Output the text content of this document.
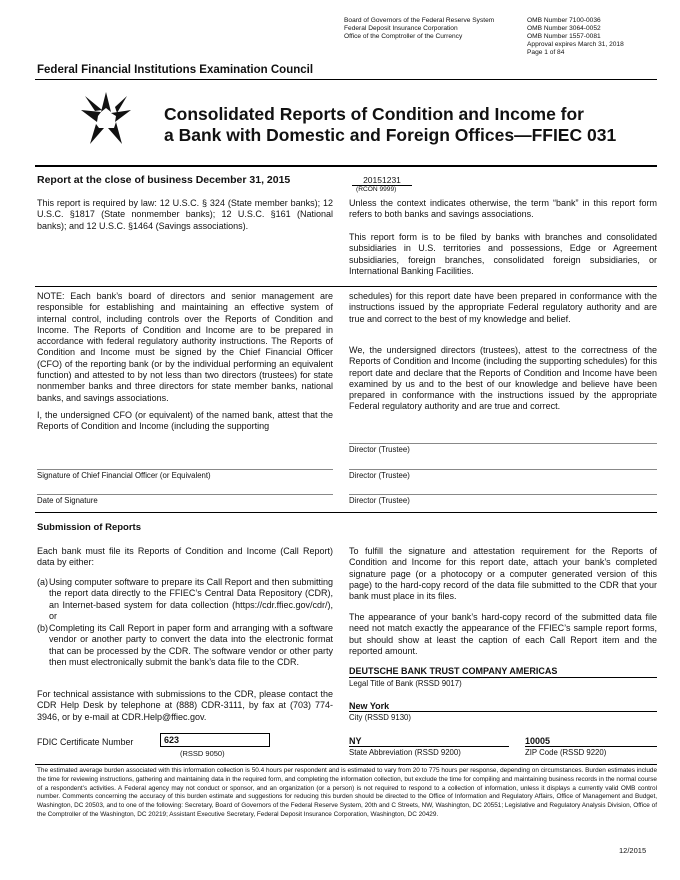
Board of Governors of the Federal Reserve System
Federal Deposit Insurance Corporation
Office of the Comptroller of the Currency
OMB Number 7100-0036
OMB Number 3064-0052
OMB Number 1557-0081
Approval expires March 31, 2018
Page 1 of 84
Federal Financial Institutions Examination Council
Consolidated Reports of Condition and Income for
a Bank with Domestic and Foreign Offices—FFIEC 031
Report at the close of business December 31, 2015	20151231
(RCON 9999)
This report is required by law: 12 U.S.C. § 324 (State member banks); 12 U.S.C. §1817 (State nonmember banks); 12 U.S.C. §161 (National banks); and 12 U.S.C. §1464 (Savings associations).
Unless the context indicates otherwise, the term “bank” in this report form refers to both banks and savings associations.
This report form is to be filed by banks with branches and consolidated subsidiaries in U.S. territories and possessions, Edge or Agreement subsidiaries, foreign branches, consolidated foreign subsidiaries, or International Banking Facilities.
NOTE: Each bank’s board of directors and senior management are responsible for establishing and maintaining an effective system of internal control, including controls over the Reports of Condition and Income. The Reports of Condition and Income are to be prepared in accordance with federal regulatory authority instructions. The Reports of Condition and Income must be signed by the Chief Financial Officer (CFO) of the reporting bank (or by the individual performing an equivalent function) and attested to by not less than two directors (trustees) for state nonmember banks and three directors for state member banks, national banks, and savings associations.
I, the undersigned CFO (or equivalent) of the named bank, attest that the Reports of Condition and Income (including the supporting
schedules) for this report date have been prepared in conformance with the instructions issued by the appropriate Federal regulatory authority and are true and correct to the best of my knowledge and belief.
We, the undersigned directors (trustees), attest to the correctness of the Reports of Condition and Income (including the supporting schedules) for this report date and declare that the Reports of Condition and Income have been examined by us and to the best of our knowledge and believe have been prepared in conformance with the instructions issued by the appropriate Federal regulatory authority and are true and correct.
Director (Trustee)
Signature of Chief Financial Officer (or Equivalent)	Director (Trustee)
Date of Signature	Director (Trustee)
Submission of Reports
Each bank must file its Reports of Condition and Income (Call Report) data by either:
(a) Using computer software to prepare its Call Report and then submitting the report data directly to the FFIEC’s Central Data Repository (CDR), an Internet-based system for data collection (https://cdr.ffiec.gov/cdr/), or
(b) Completing its Call Report in paper form and arranging with a software vendor or another party to convert the data into the electronic format that can be processed by the CDR. The software vendor or other party then must electronically submit the bank’s data file to the CDR.
For technical assistance with submissions to the CDR, please contact the CDR Help Desk by telephone at (888) CDR-3111, by fax at (703) 774-3946, or by e-mail at CDR.Help@ffiec.gov.
To fulfill the signature and attestation requirement for the Reports of Condition and Income for this report date, attach your bank’s completed signature page (or a photocopy or a computer generated version of this page) to the hard-copy record of the data file submitted to the CDR that your bank must place in its files.
The appearance of your bank’s hard-copy record of the submitted data file need not match exactly the appearance of the FFIEC’s sample report forms, but should show at least the caption of each Call Report item and the reported amount.
DEUTSCHE BANK TRUST COMPANY AMERICAS
Legal Title of Bank (RSSD 9017)
New York
City (RSSD 9130)
FDIC Certificate Number	623
(RSSD 9050)
NY
State Abbreviation (RSSD 9200)
10005
ZIP Code (RSSD 9220)
The estimated average burden associated with this information collection is 50.4 hours per respondent and is estimated to vary from 20 to 775 hours per response, depending on circumstances. Burden estimates include the time for reviewing instructions, gathering and maintaining data in the required form, and completing the information collection, but exclude the time for compiling and maintaining business records in the normal course of a respondent’s activities. A Federal agency may not conduct or sponsor, and an organization (or a person) is not required to respond to a collection of information, unless it displays a currently valid OMB control number. Comments concerning the accuracy of this burden estimate and suggestions for reducing this burden should be directed to the Office of Information and Regulatory Affairs, Office of Management and Budget, Washington, DC 20503, and to one of the following: Secretary, Board of Governors of the Federal Reserve System, 20th and C Streets, NW, Washington, DC 20551; Legislative and Regulatory Analysis Division, Office of the Comptroller of the Washington, DC 20219; Assistant Executive Secretary, Federal Deposit Insurance Corporation, Washington, DC 20429.
12/2015
